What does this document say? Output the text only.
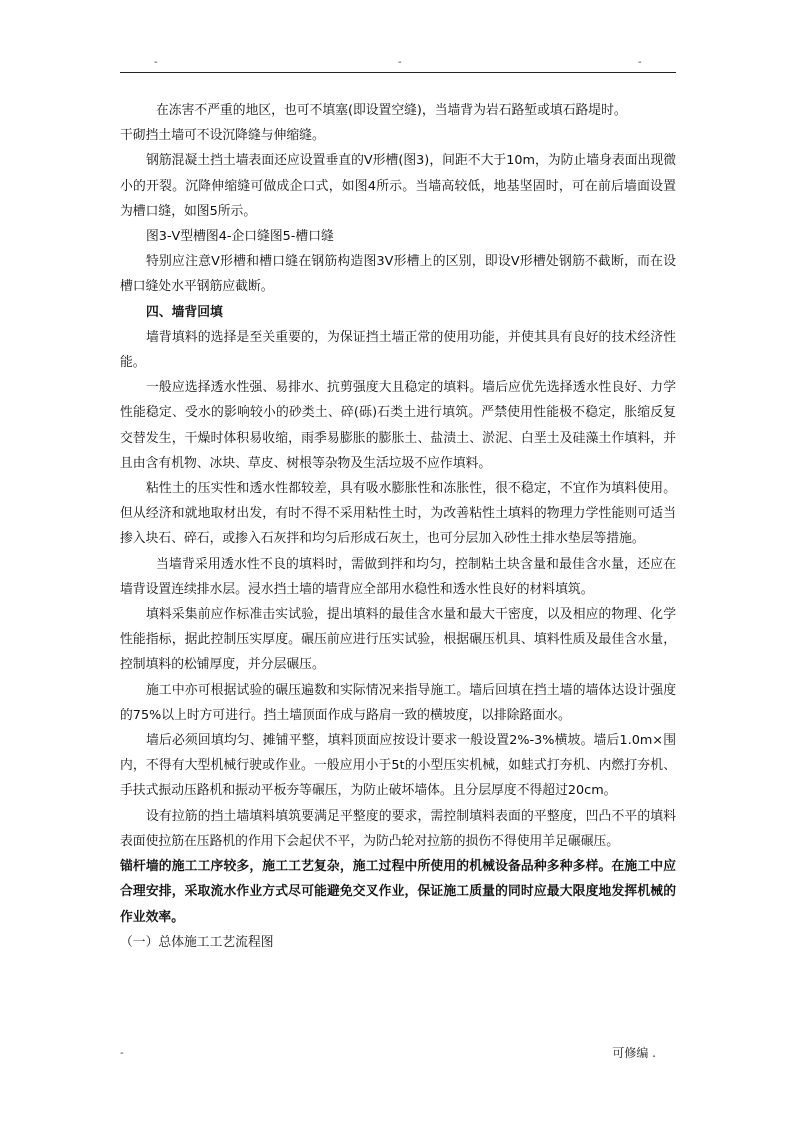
-	-	-

在冻害不严重的地区，也可不填塞(即设置空缝)，当墙背为岩石路堑或填石路堤时。

干砌挡土墙可不设沉降缝与伸缩缝。

钢筋混凝土挡土墙表面还应设置垂直的V形槽(图3)，间距不大于10m，为防止墙身表面出现微小的开裂。沉降伸缩缝可做成企口式，如图4所示。当墙高较低，地基坚固时，可在前后墙面设置为槽口缝，如图5所示。

图3-V型槽图4-企口缝图5-槽口缝

特别应注意V形槽和槽口缝在钢筋构造图3V形槽上的区别，即设V形槽处钢筋不截断，而在设槽口缝处水平钢筋应截断。

四、墙背回填

墙背填料的选择是至关重要的，为保证挡土墙正常的使用功能，并使其具有良好的技术经济性能。

一般应选择透水性强、易排水、抗剪强度大且稳定的填料。墙后应优先选择透水性良好、力学性能稳定、受水的影响较小的砂类土、碎(砾)石类土进行填筑。严禁使用性能极不稳定，胀缩反复交替发生，干燥时体积易收缩，雨季易膨胀的膨胀土、盐渍土、淤泥、白垩土及硅藻土作填料，并且由含有机物、冰块、草皮、树根等杂物及生活垃圾不应作填料。

粘性土的压实性和透水性都较差，具有吸水膨胀性和冻胀性，很不稳定，不宜作为填料使用。但从经济和就地取材出发，有时不得不采用粘性土时，为改善粘性土填料的物理力学性能则可适当掺入块石、碎石，或掺入石灰拌和均匀后形成石灰土，也可分层加入砂性土排水垫层等措施。

当墙背采用透水性不良的填料时，需做到拌和均匀，控制粘土块含量和最佳含水量，还应在墙背设置连续排水层。浸水挡土墙的墙背应全部用水稳性和透水性良好的材料填筑。

填料采集前应作标准击实试验，提出填料的最佳含水量和最大干密度，以及相应的物理、化学性能指标，据此控制压实厚度。碾压前应进行压实试验，根据碾压机具、填料性质及最佳含水量，控制填料的松铺厚度，并分层碾压。

施工中亦可根据试验的碾压遍数和实际情况来指导施工。墙后回填在挡土墙的墙体达设计强度的75%以上时方可进行。挡土墙顶面作成与路肩一致的横坡度，以排除路面水。

墙后必须回填均匀、摊铺平整，填料顶面应按设计要求一般设置2%-3%横坡。墙后1.0m×围内，不得有大型机械行驶或作业。一般应用小于5t的小型压实机械，如蛙式打夯机、内燃打夯机、手扶式振动压路机和振动平板夯等碾压，为防止破坏墙体。且分层厚度不得超过20cm。

设有拉筋的挡土墙填料填筑要满足平整度的要求，需控制填料表面的平整度，凹凸不平的填料表面使拉筋在压路机的作用下会起伏不平，为防凸轮对拉筋的损伤不得使用羊足碾碾压。

锚杆墙的施工工序较多，施工工艺复杂，施工过程中所使用的机械设备品种多种多样。在施工中应合理安排，采取流水作业方式尽可能避免交叉作业，保证施工质量的同时应最大限度地发挥机械的作业效率。

（一）总体施工工艺流程图

-	可修编 .
